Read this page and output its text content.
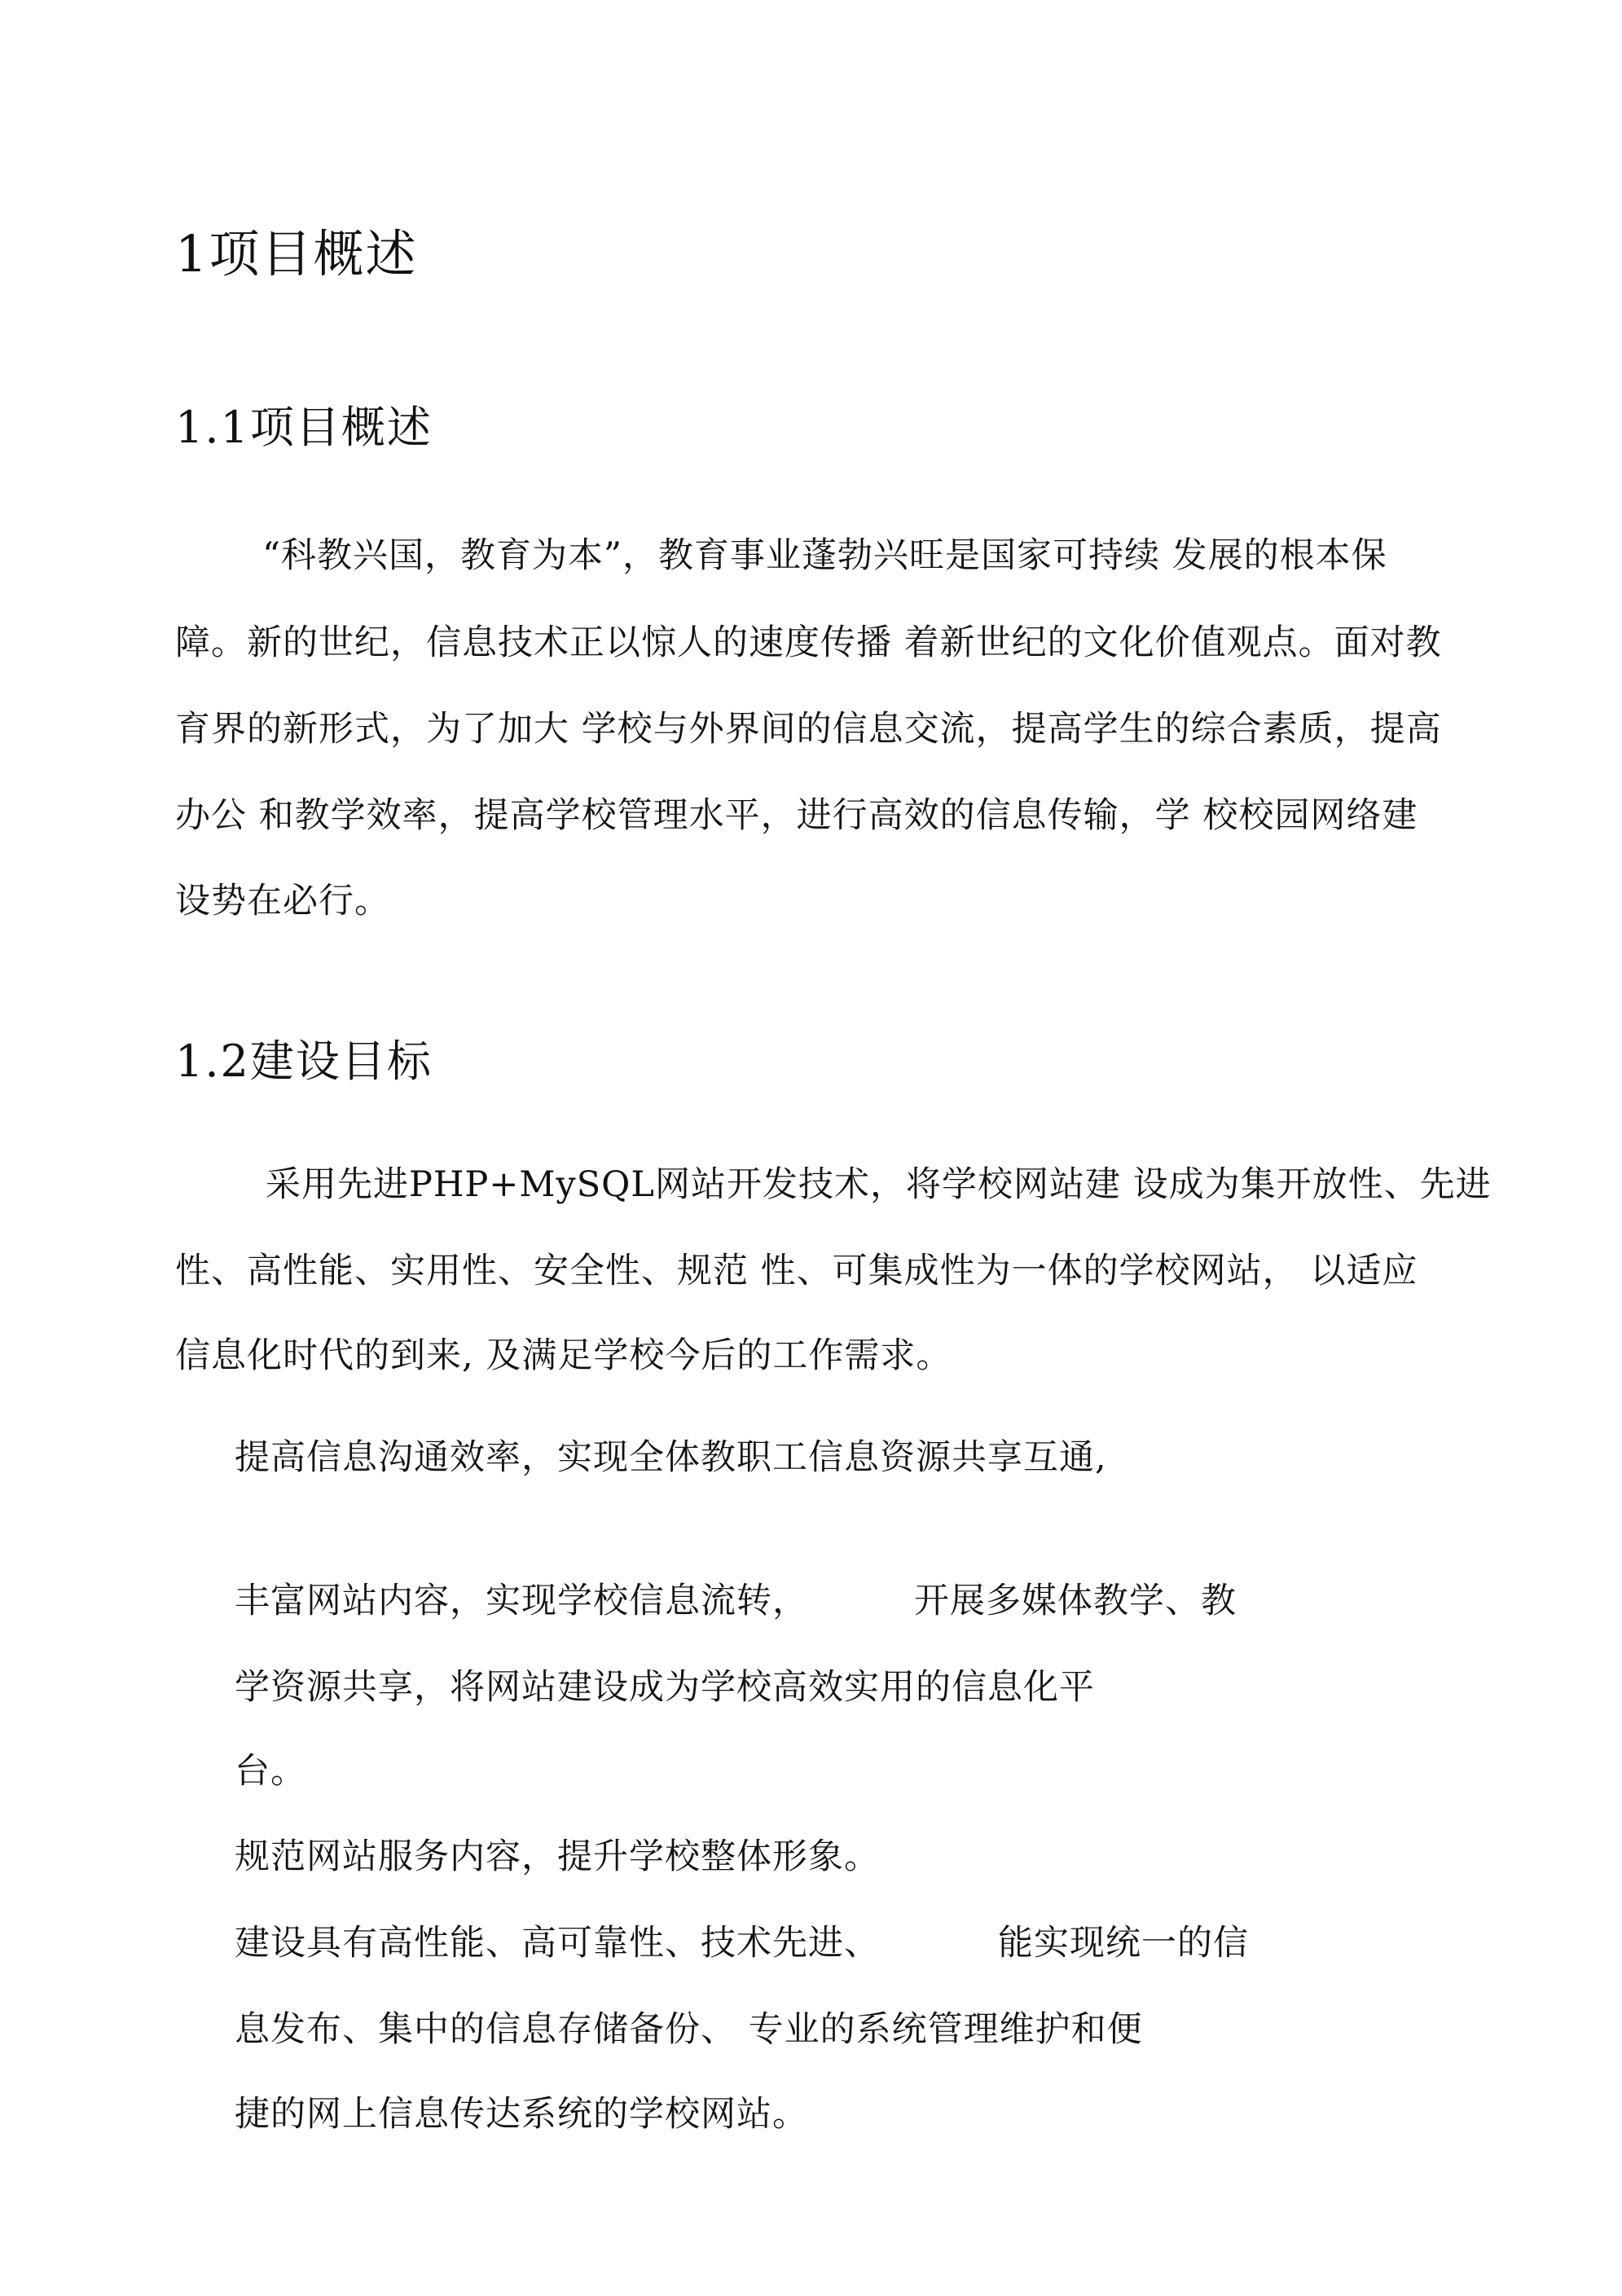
1项目概述
1.1项目概述

“科教兴国，教育为本”，教育事业蓬勃兴旺是国家可持续 发展的根本保

障。新的世纪，信息技术正以惊人的速度传播 着新世纪的文化价值观点。面对教

育界的新形式，为了加大 学校与外界间的信息交流，提高学生的综合素质，提高

办公 和教学效率，提高学校管理水平，进行高效的信息传输，学 校校园网络建

设势在必行。

1.2建设目标

采用先进PHP+MySQL网站开发技术，将学校网站建 设成为集开放性、先进

性、高性能、实用性、安全性、规范 性、可集成性为一体的学校网站， 以适应

信息化时代的到来, 及满足学校今后的工作需求。

提高信息沟通效率，实现全体教职工信息资源共享互通,

丰富网站内容，实现学校信息流转，	开展多媒体教学、教

学资源共享，将网站建设成为学校高效实用的信息化平

台。

规范网站服务内容，提升学校整体形象。

建设具有高性能、高可靠性、技术先进、	能实现统一的信

息发布、集中的信息存储备份、 专业的系统管理维护和便

捷的网上信息传达系统的学校网站。
